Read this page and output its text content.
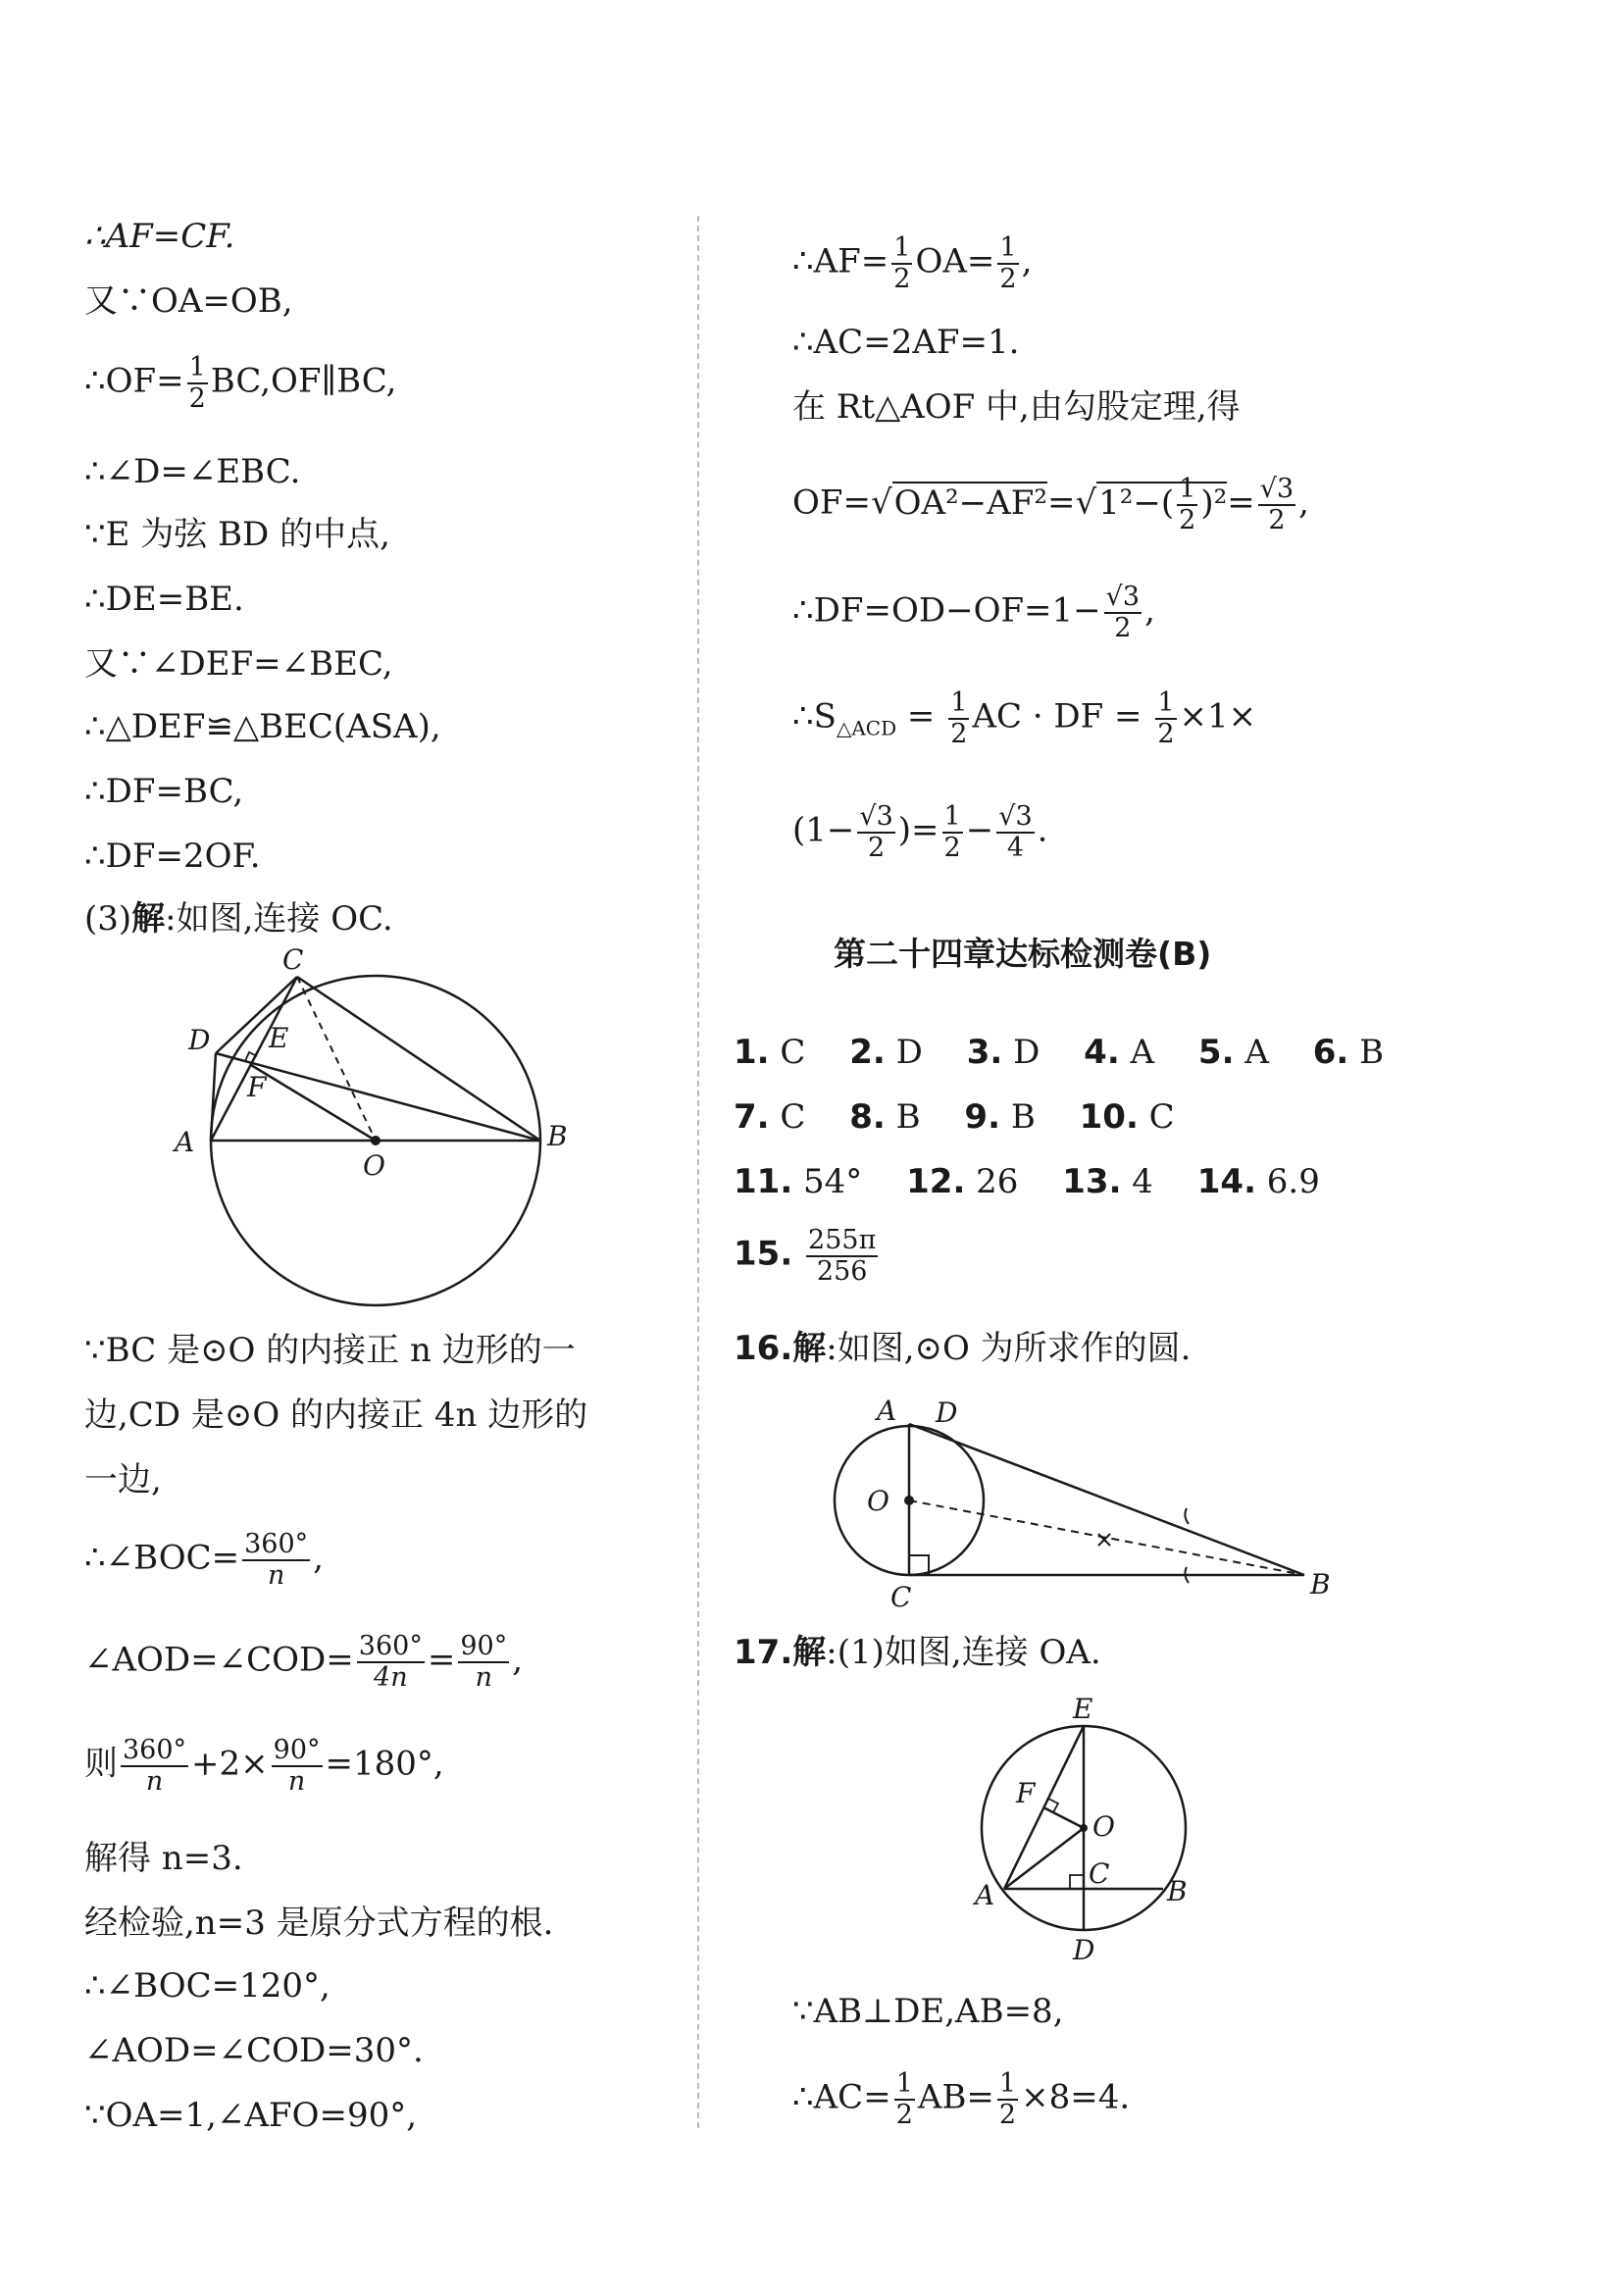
∴AF=CF.
又∵OA=OB,
∴OF= $\frac{1}{2}$ BC,OF∥BC,
∴∠D=∠EBC.
∵E 为弦 BD 的中点,
∴DE=BE.
又∵∠DEF=∠BEC,
∴△DEF≌△BEC(ASA),
∴DF=BC,
∴DF=2OF.
(3)解:如图,连接 OC.
C
D E
F
A	B
O
∵BC 是⊙O 的内接正 n 边形的一
边,CD 是⊙O 的内接正 4n 边形的
一边,
∴∠BOC= $\frac{360^\circ}{n}$ ,
∠AOD=∠COD= $\frac{360^\circ}{4n} = \frac{90^\circ}{n}$ ,
则 $\frac{360^\circ}{n} +2\times \frac{90^\circ}{n} =180^\circ$,
解得 n=3.
经检验,n=3 是原分式方程的根.
∴∠BOC=120°,
∠AOD=∠COD=30°.
∵OA=1,∠AFO=90°,
∴AF= $\frac{1}{2} OA= \frac{1}{2}$ ,
∴AC=2AF=1.
在 Rt△AOF 中,由勾股定理,得
$OF=√OA^2-AF^2=√1^2-( \frac{1}{2} )^2= \frac{√3}{2}$ ,
∴DF=OD−OF=1− $\frac{√3}{2}$ ,
$\therefore S_{\triangle ACD} = \frac{1}{2}$ AC · DF = $\frac{1}{2} \times 1\times$
($1- \frac{√3}{2}$ )= $\frac{1}{2} - \frac{√3}{4}$ .
第二十四章达标检测卷(B)
1. C 2. D 3. D 4. A 5. A 6. B
7. C 8. B 9. B 10. C
11. 54° 12. 26 13. 4 14. 6.9
15. $\frac{255\pi}{256}$
16.解:如图,⊙O 为所求作的圆.
A D
O
C	B
17.解:(1)如图,连接 OA.
E
F
O
C
A	B
D
∵AB⊥DE,AB=8,
∴AC= $\frac{1}{2} AB= \frac{1}{2} \times 8=4$.
